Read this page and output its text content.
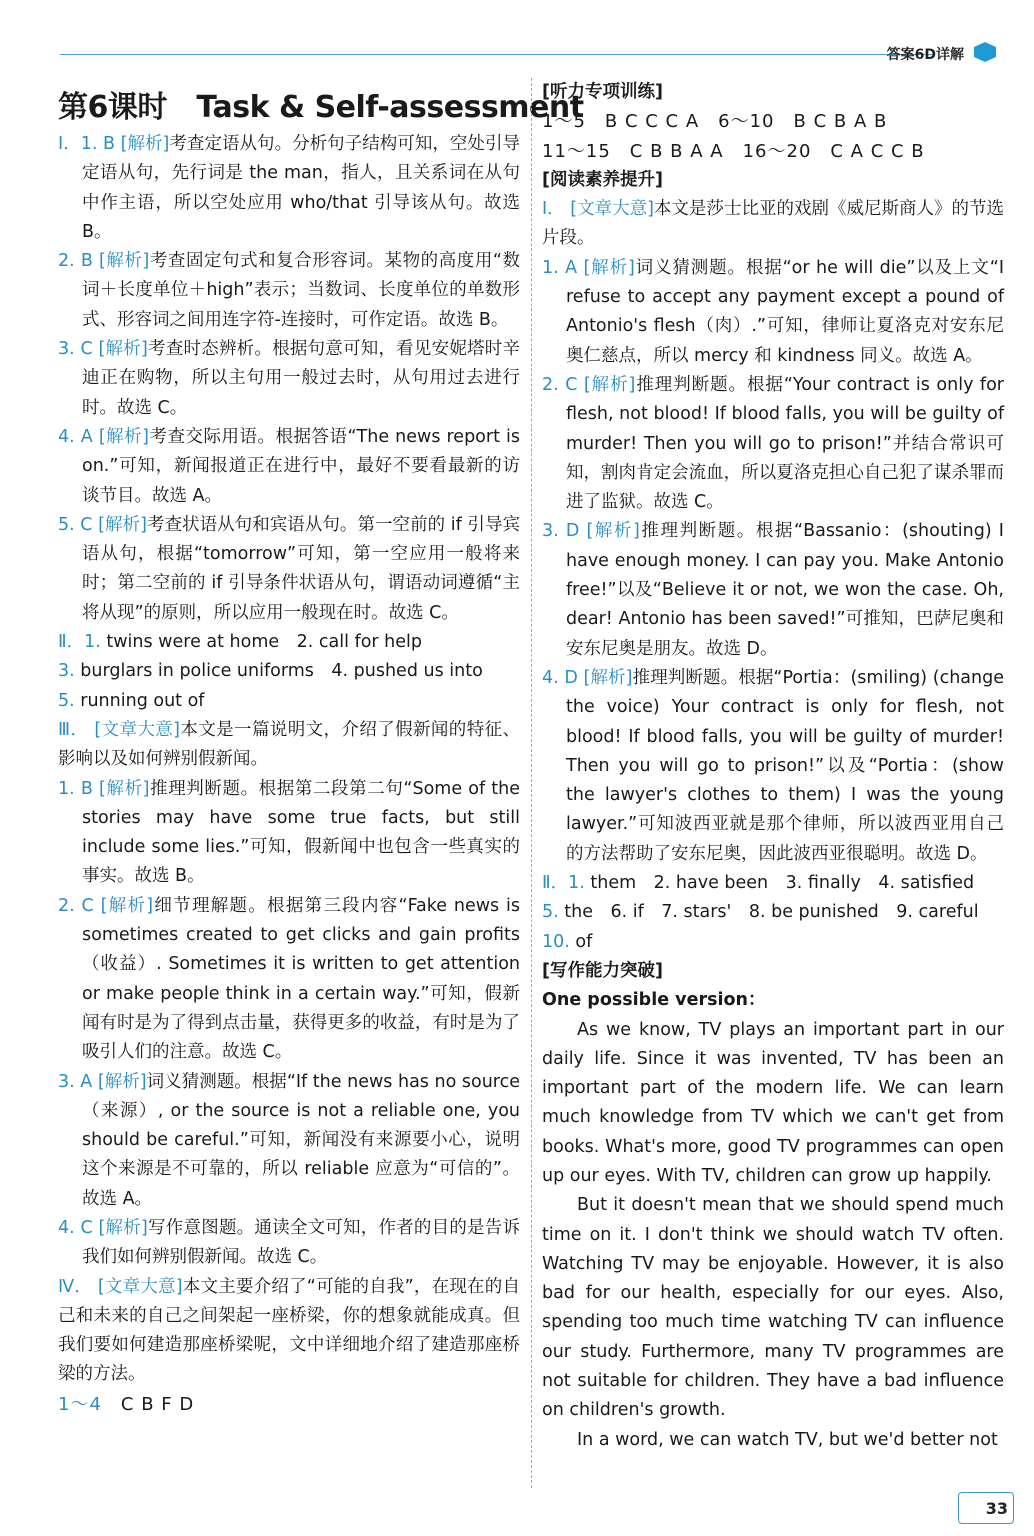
答案6D详解
第6课时　Task & Self-assessment
Ⅰ．1. B [解析]考查定语从句。分析句子结构可知，空处引导定语从句，先行词是 the man，指人，且关系词在从句中作主语，所以空处应用 who/that 引导该从句。故选 B。
2. B [解析]考查固定句式和复合形容词。某物的高度用“数词＋长度单位＋high”表示；当数词、长度单位的单数形式、形容词之间用连字符-连接时，可作定语。故选 B。
3. C [解析]考查时态辨析。根据句意可知，看见安妮塔时辛迪正在购物，所以主句用一般过去时，从句用过去进行时。故选 C。
4. A [解析]考查交际用语。根据答语“The news report is on.”可知，新闻报道正在进行中，最好不要看最新的访谈节目。故选 A。
5. C [解析]考查状语从句和宾语从句。第一空前的 if 引导宾语从句，根据“tomorrow”可知，第一空应用一般将来时；第二空前的 if 引导条件状语从句，谓语动词遵循“主将从现”的原则，所以应用一般现在时。故选 C。
Ⅱ．1. twins were at home　2. call for help
3. burglars in police uniforms　4. pushed us into
5. running out of
Ⅲ． [文章大意]本文是一篇说明文，介绍了假新闻的特征、影响以及如何辨别假新闻。
1. B [解析]推理判断题。根据第二段第二句“Some of the stories may have some true facts, but still include some lies.”可知，假新闻中也包含一些真实的事实。故选 B。
2. C [解析]细节理解题。根据第三段内容“Fake news is sometimes created to get clicks and gain profits（收益）. Sometimes it is written to get attention or make people think in a certain way.”可知，假新闻有时是为了得到点击量，获得更多的收益，有时是为了吸引人们的注意。故选 C。
3. A [解析]词义猜测题。根据“If the news has no source（来源）, or the source is not a reliable one, you should be careful.”可知，新闻没有来源要小心，说明这个来源是不可靠的，所以 reliable 应意为“可信的”。故选 A。
4. C [解析]写作意图题。通读全文可知，作者的目的是告诉我们如何辨别假新闻。故选 C。
Ⅳ． [文章大意]本文主要介绍了“可能的自我”，在现在的自己和未来的自己之间架起一座桥梁，你的想象就能成真。但我们要如何建造那座桥梁呢，文中详细地介绍了建造那座桥梁的方法。
1～4　C B F D
[听力专项训练]
1～5　B C C C A　6～10　B C B A B
11～15　C B B A A　16～20　C A C C B
[阅读素养提升]
Ⅰ． [文章大意]本文是莎士比亚的戏剧《威尼斯商人》的节选片段。
1. A [解析]词义猜测题。根据“or he will die”以及上文“I refuse to accept any payment except a pound of Antonio's flesh（肉）.”可知，律师让夏洛克对安东尼奥仁慈点，所以 mercy 和 kindness 同义。故选 A。
2. C [解析]推理判断题。根据“Your contract is only for flesh, not blood! If blood falls, you will be guilty of murder! Then you will go to prison!”并结合常识可知，割肉肯定会流血，所以夏洛克担心自己犯了谋杀罪而进了监狱。故选 C。
3. D [解析]推理判断题。根据“Bassanio：(shouting) I have enough money. I can pay you. Make Antonio free!”以及“Believe it or not, we won the case. Oh, dear! Antonio has been saved!”可推知，巴萨尼奥和安东尼奥是朋友。故选 D。
4. D [解析]推理判断题。根据“Portia：(smiling) (change the voice) Your contract is only for flesh, not blood! If blood falls, you will be guilty of murder! Then you will go to prison!”以及“Portia：(show the lawyer's clothes to them) I was the young lawyer.”可知波西亚就是那个律师，所以波西亚用自己的方法帮助了安东尼奥，因此波西亚很聪明。故选 D。
Ⅱ．1. them　2. have been　3. finally　4. satisfied
5. the　6. if　7. stars'　8. be punished　9. careful
10. of
[写作能力突破]
One possible version：
As we know, TV plays an important part in our daily life. Since it was invented, TV has been an important part of the modern life. We can learn much knowledge from TV which we can't get from books. What's more, good TV programmes can open up our eyes. With TV, children can grow up happily.
But it doesn't mean that we should spend much time on it. I don't think we should watch TV often. Watching TV may be enjoyable. However, it is also bad for our health, especially for our eyes. Also, spending too much time watching TV can influence our study. Furthermore, many TV programmes are not suitable for children. They have a bad influence on children's growth.
In a word, we can watch TV, but we'd better not
33
